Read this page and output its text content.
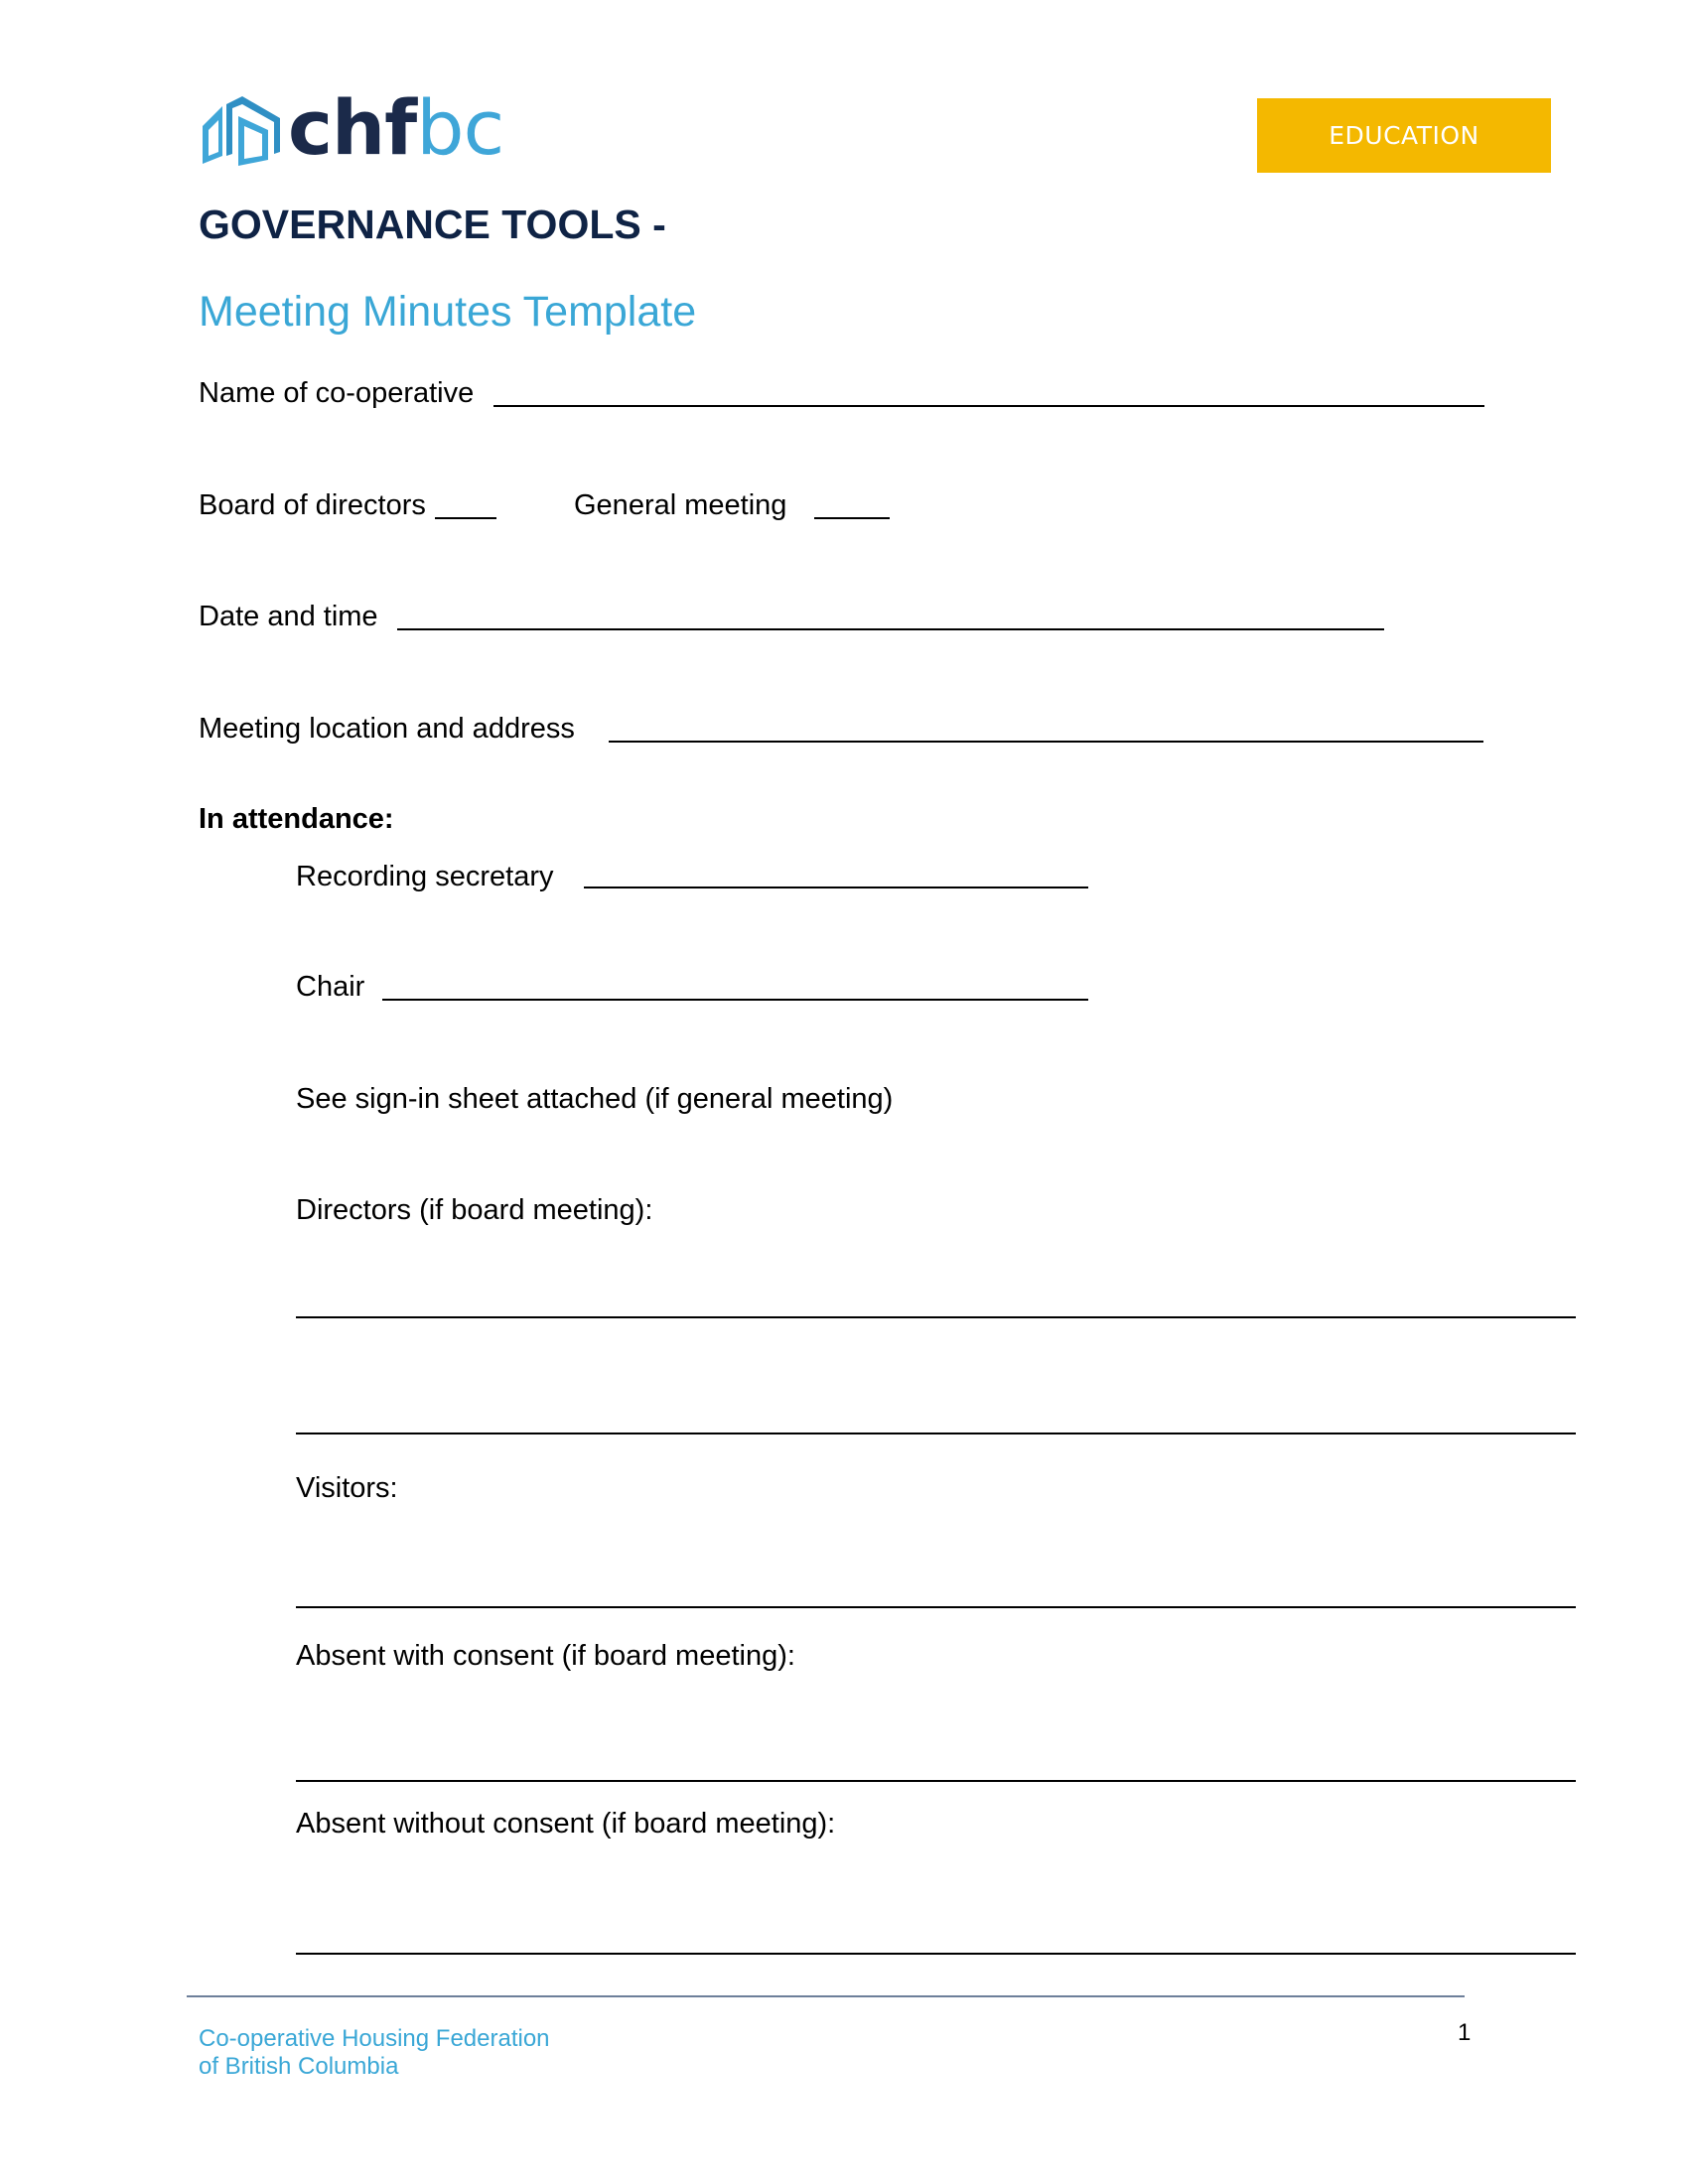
chfbc	EDUCATION
GOVERNANCE TOOLS -
Meeting Minutes Template
Name of co-operative
Board of directors	General meeting
Date and time
Meeting location and address
In attendance:
Recording secretary
Chair
See sign-in sheet attached (if general meeting)
Directors (if board meeting):
Visitors:
Absent with consent (if board meeting):
Absent without consent (if board meeting):
Co-operative Housing Federation of British Columbia
1
